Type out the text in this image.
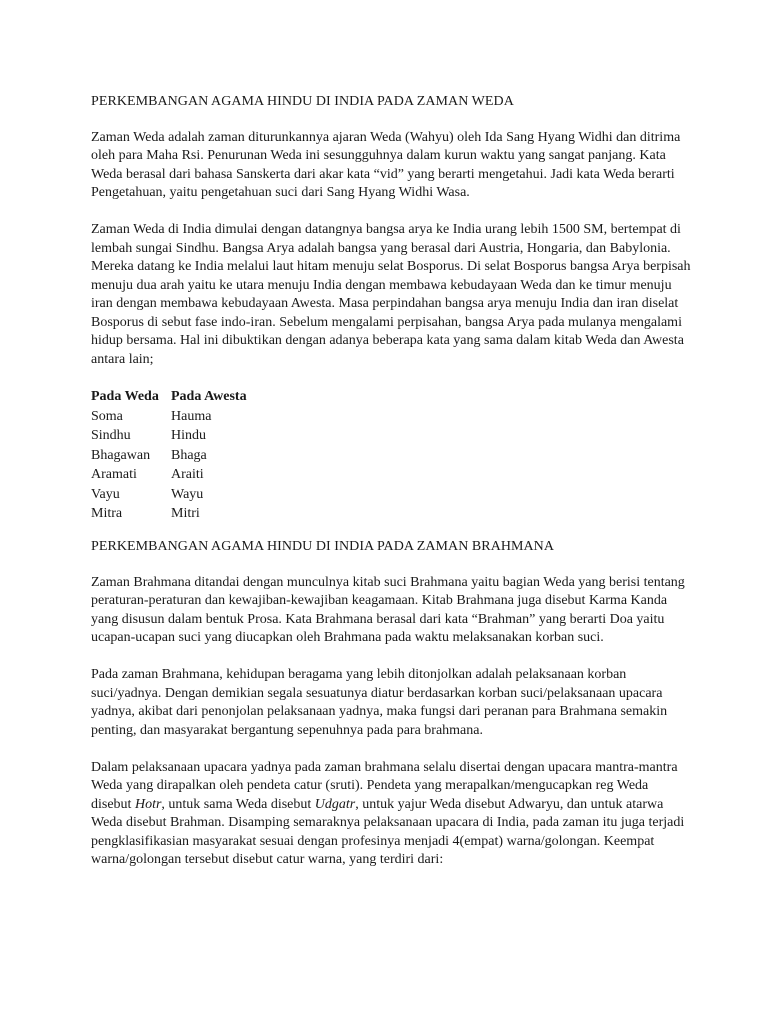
PERKEMBANGAN AGAMA HINDU DI INDIA PADA ZAMAN WEDA

Zaman Weda adalah zaman diturunkannya ajaran Weda (Wahyu) oleh Ida Sang Hyang Widhi dan ditrima oleh para Maha Rsi. Penurunan Weda ini sesungguhnya dalam kurun waktu yang sangat panjang. Kata Weda berasal dari bahasa Sanskerta dari akar kata “vid” yang berarti mengetahui. Jadi kata Weda berarti Pengetahuan, yaitu pengetahuan suci dari Sang Hyang Widhi Wasa.

Zaman Weda di India dimulai dengan datangnya bangsa arya ke India urang lebih 1500 SM, bertempat di lembah sungai Sindhu. Bangsa Arya adalah bangsa yang berasal dari Austria, Hongaria, dan Babylonia. Mereka datang ke India melalui laut hitam menuju selat Bosporus. Di selat Bosporus bangsa Arya berpisah menuju dua arah yaitu ke utara menuju India dengan membawa kebudayaan Weda dan ke timur menuju iran dengan membawa kebudayaan Awesta. Masa perpindahan bangsa arya menuju India dan iran diselat Bosporus di sebut fase indo-iran. Sebelum mengalami perpisahan, bangsa Arya pada mulanya mengalami hidup bersama. Hal ini dibuktikan dengan adanya beberapa kata yang sama dalam kitab Weda dan Awesta antara lain;

Pada Weda	Pada Awesta
Soma	Hauma
Sindhu	Hindu
Bhagawan	Bhaga
Aramati	Araiti
Vayu	Wayu
Mitra	Mitri
PERKEMBANGAN AGAMA HINDU DI INDIA PADA ZAMAN BRAHMANA

Zaman Brahmana ditandai dengan munculnya kitab suci Brahmana yaitu bagian Weda yang berisi tentang peraturan-peraturan dan kewajiban-kewajiban keagamaan. Kitab Brahmana juga disebut Karma Kanda yang disusun dalam bentuk Prosa. Kata Brahmana berasal dari kata “Brahman” yang berarti Doa yaitu ucapan-ucapan suci yang diucapkan oleh Brahmana pada waktu melaksanakan korban suci.

Pada zaman Brahmana, kehidupan beragama yang lebih ditonjolkan adalah pelaksanaan korban suci/yadnya. Dengan demikian segala sesuatunya diatur berdasarkan korban suci/pelaksanaan upacara yadnya, akibat dari penonjolan pelaksanaan yadnya, maka fungsi dari peranan para Brahmana semakin penting, dan masyarakat bergantung sepenuhnya pada para brahmana.

Dalam pelaksanaan upacara yadnya pada zaman brahmana selalu disertai dengan upacara mantra-mantra Weda yang dirapalkan oleh pendeta catur (sruti). Pendeta yang merapalkan/mengucapkan reg Weda disebut Hotr, untuk sama Weda disebut Udgatr, untuk yajur Weda disebut Adwaryu, dan untuk atarwa Weda disebut Brahman. Disamping semaraknya pelaksanaan upacara di India, pada zaman itu juga terjadi pengklasifikasian masyarakat sesuai dengan profesinya menjadi 4(empat) warna/golongan. Keempat warna/golongan tersebut disebut catur warna, yang terdiri dari:
